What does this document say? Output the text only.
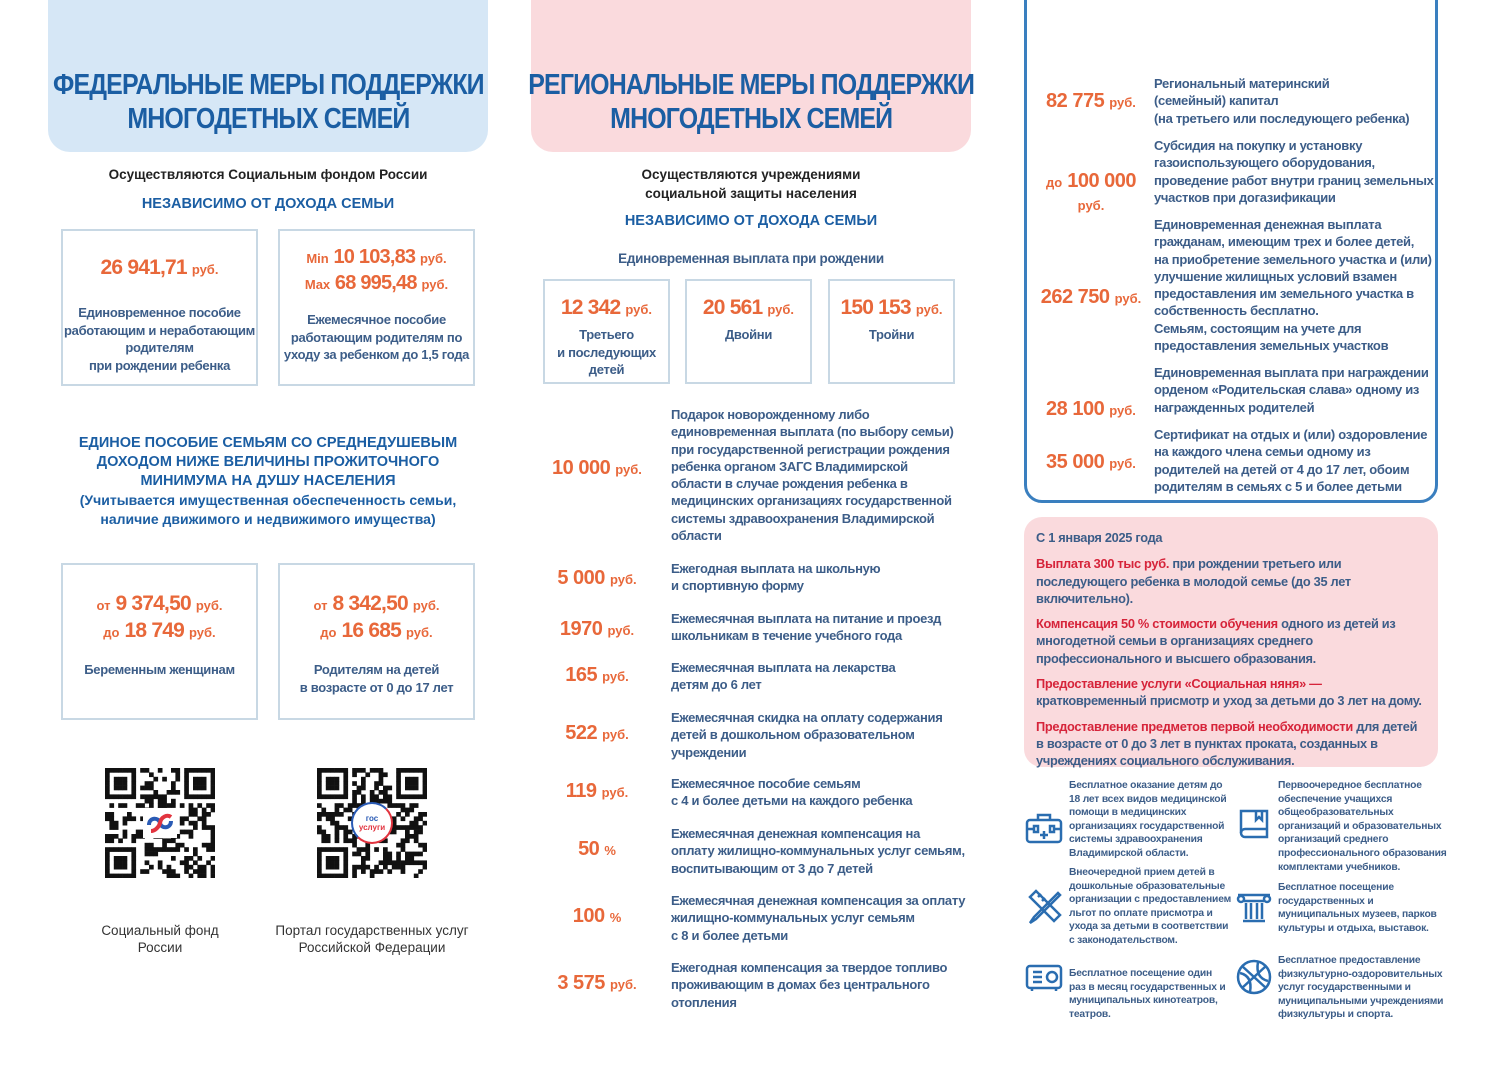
ФЕДЕРАЛЬНЫЕ МЕРЫ ПОДДЕРЖКИ
МНОГОДЕТНЫХ СЕМЕЙ
Осуществляются Социальным фондом России
НЕЗАВИСИМО ОТ ДОХОДА СЕМЬИ
26 941,71 руб.
Единовременное пособие
работающим и неработающим
родителям
при рождении ребенка
Min 10 103,83 руб.
Max 68 995,48 руб.
Ежемесячное пособие
работающим родителям по
уходу за ребенком до 1,5 года
ЕДИНОЕ ПОСОБИЕ СЕМЬЯМ СО СРЕДНЕДУШЕВЫМ
ДОХОДОМ НИЖЕ ВЕЛИЧИНЫ ПРОЖИТОЧНОГО
МИНИМУМА НА ДУШУ НАСЕЛЕНИЯ
(Учитывается имущественная обеспеченность семьи,
наличие движимого и недвижимого имущества)
от 9 374,50 руб.
до 18 749 руб.
Беременным женщинам
от 8 342,50 руб.
до 16 685 руб.
Родителям на детей
в возрасте от 0 до 17 лет
гос
услуги
Социальный фонд
России
Портал государственных услуг
Российской Федерации
РЕГИОНАЛЬНЫЕ МЕРЫ ПОДДЕРЖКИ
МНОГОДЕТНЫХ СЕМЕЙ
Осуществляются учреждениями
социальной защиты населения
НЕЗАВИСИМО ОТ ДОХОДА СЕМЬИ
Единовременная выплата при рождении
12 342 руб.
Третьего
и последующих
детей
20 561 руб.
Двойни
150 153 руб.
Тройни
10 000 руб.
Подарок новорожденному либо
единовременная выплата (по выбору семьи)
при государственной регистрации рождения
ребенка органом ЗАГС Владимирской
области в случае рождения ребенка в
медицинских организациях государственной
системы здравоохранения Владимирской
области
5 000 руб.
Ежегодная выплата на школьную
и спортивную форму
1970 руб.
Ежемесячная выплата на питание и проезд
школьникам в течение учебного года
165 руб.
Ежемесячная выплата на лекарства
детям до 6 лет
522 руб.
Ежемесячная скидка на оплату содержания
детей в дошкольном образовательном
учреждении
119 руб.
Ежемесячное пособие семьям
с 4 и более детьми на каждого ребенка
50 %
Ежемесячная денежная компенсация на
оплату жилищно-коммунальных услуг семьям,
воспитывающим от 3 до 7 детей
100 %
Ежемесячная денежная компенсация за оплату
жилищно-коммунальных услуг семьям
с 8 и более детьми
3 575 руб.
Ежегодная компенсация за твердое топливо
проживающим в домах без центрального
отопления
82 775 руб.
Региональный материнский
(семейный) капитал
(на третьего или последующего ребенка)
до 100 000 руб.
Субсидия на покупку и установку
газоиспользующего оборудования,
проведение работ внутри границ земельных
участков при догазификации
262 750 руб.
Единовременная денежная выплата
гражданам, имеющим трех и более детей,
на приобретение земельного участка и (или)
улучшение жилищных условий взамен
предоставления им земельного участка в
собственность бесплатно.
Семьям, состоящим на учете для
предоставления земельных участков
28 100 руб.
Единовременная выплата при награждении
орденом «Родительская слава» одному из
награжденных родителей
35 000 руб.
Сертификат на отдых и (или) оздоровление
на каждого члена семьи одному из
родителей на детей от 4 до 17 лет, обоим
родителям в семьях с 5 и более детьми
С 1 января 2025 года
Выплата 300 тыс руб. при рождении третьего или последующего ребенка в молодой семье (до 35 лет включительно).
Компенсация 50 % стоимости обучения одного из детей из многодетной семьи в организациях среднего профессионального и высшего образования.
Предоставление услуги «Социальная няня» — кратковременный присмотр и уход за детьми до 3 лет на дому.
Предоставление предметов первой необходимости для детей в возрасте от 0 до 3 лет в пунктах проката, созданных в учреждениях социального обслуживания.
Бесплатное оказание детям до
18 лет всех видов медицинской
помощи в медицинских
организациях государственной
системы здравоохранения
Владимирской области.
Внеочередной прием детей в
дошкольные образовательные
организации с предоставлением
льгот по оплате присмотра и
ухода за детьми в соответствии
с законодательством.
Бесплатное посещение один
раз в месяц государственных и
муниципальных кинотеатров,
театров.
Первоочередное бесплатное
обеспечение учащихся
общеобразовательных
организаций и образовательных
организаций среднего
профессионального образования
комплектами учебников.
Бесплатное посещение
государственных и
муниципальных музеев, парков
культуры и отдыха, выставок.
Бесплатное предоставление
физкультурно-оздоровительных
услуг государственными и
муниципальными учреждениями
физкультуры и спорта.
